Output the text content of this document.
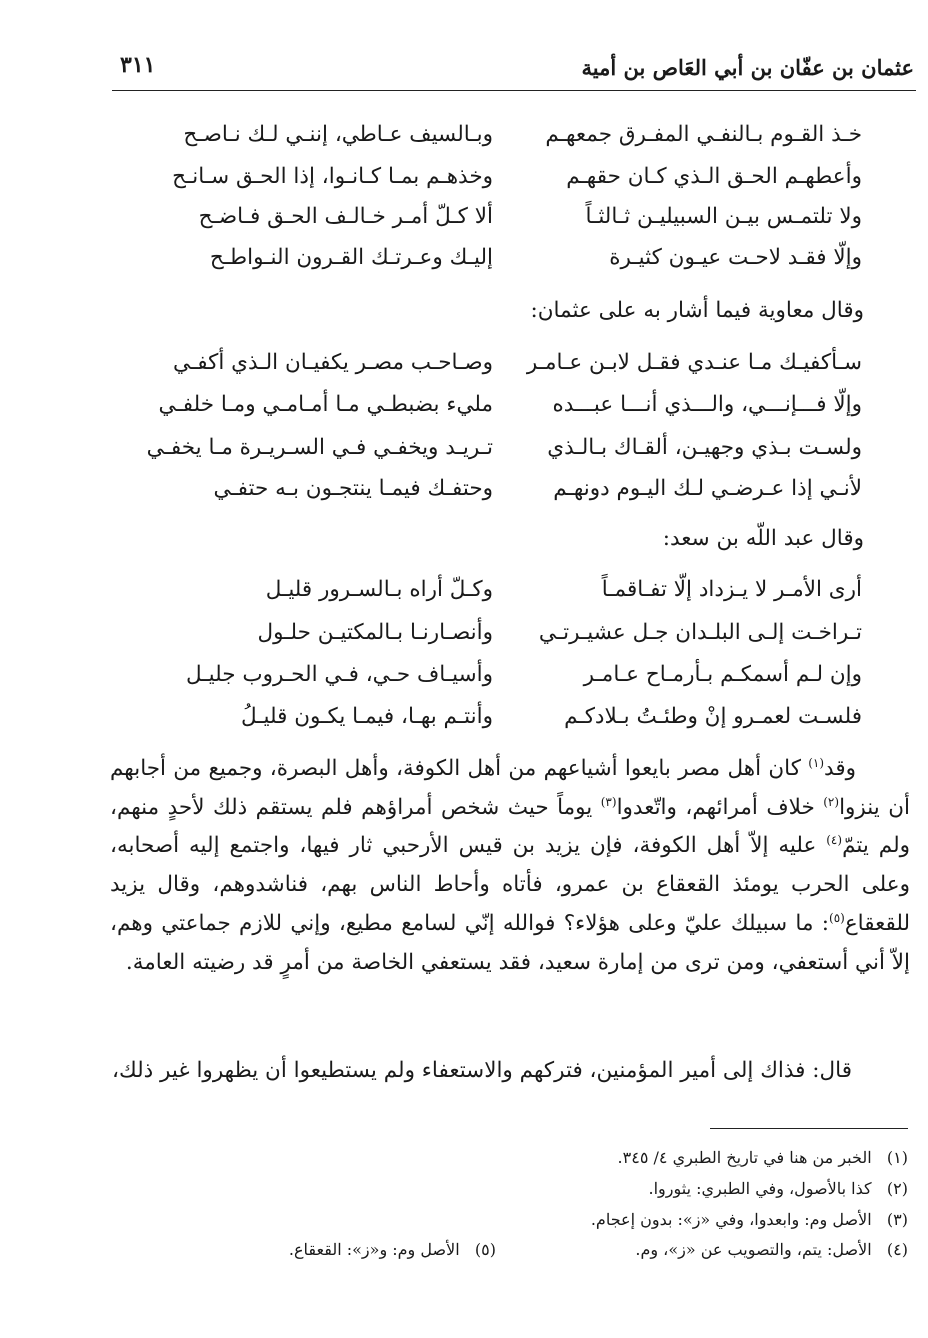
عثمان بن عفّان بن أبي العَاص بن أمية
٣١١
خـذ القـوم بـالنفـي المفـرق جمعهـم
وبـالسيف عـاطي، إننـي لـك نـاصـح
وأعطهـم الحـق الـذي كـان حقهـم
وخذهـم بمـا كـانـوا، إذا الحـق سـانـح
ولا تلتمـس بيـن السبيليـن ثـالثـاً
ألا كـلّ أمـر خـالـف الحـق فـاضـح
وإلّا فقـد لاحـت عيـون كثيـرة
إليـك وعـرتـك القـرون النـواطـح
وقال معاوية فيما أشار به على عثمان:
سـأكفيـك مـا عنـدي فقـل لابـن عـامـر
وصـاحـب مصـر يكفيـان الـذي أكفـي
وإلّا فـــإنـــي، والـــذي أنـــا عبـــده
مليء بضبطـي مـا أمـامـي ومـا خلفـي
ولسـت بـذي وجهيـن، ألقـاك بـالـذي
تـريـد ويخفـي فـي السـريـرة مـا يخفـي
لأنـي إذا عـرضـي لـك اليـوم دونهـم
وحتفـك فيمـا ينتجـون بـه حتفـي
وقال عبد اللّه بن سعد:
أرى الأمـر لا يـزداد إلّا تفـاقمـاً
وكـلّ أراه بـالسـرور قليـل
تـراخـت إلـى البلـدان جـل عشيـرتـي
وأنصـارنـا بـالمكتيـن حلـول
وإن لـم أسمكـم بـأرمـاح عـامـر
وأسيـاف حـي، فـي الحـروب جليـل
فلسـت لعمـرو إنْ وطئـتُ بـلادكـم
وأنتـم بهـا، فيمـا يكـون قليـلُ

وقد$^{(١)}$ كان أهل مصر بايعوا أشياعهم من أهل الكوفة، وأهل البصرة، وجميع من أجابهم أن ينزوا$^{(٢)}$ خلاف أمرائهم، واتّعدوا$^{(٣)}$ يوماً حيث شخص أمراؤهم فلم يستقم ذلك لأحدٍ منهم، ولم يتمّ$^{(٤)}$ عليه إلاّ أهل الكوفة، فإن يزيد بن قيس الأرحبي ثار فيها، واجتمع إليه أصحابه، وعلى الحرب يومئذ القعقاع بن عمرو، فأتاه وأحاط الناس بهم، فناشدوهم، وقال يزيد للقعقاع$^{(٥)}$: ما سبيلك عليّ وعلى هؤلاء؟ فوالله إنّي لسامع مطيع، وإني للازم جماعتي وهم، إلاّ أني أستعفي، ومن ترى من إمارة سعيد، فقد يستعفي الخاصة من أمرٍ قد رضيته العامة.

قال: فذاك إلى أمير المؤمنين، فتركهم والاستعفاء ولم يستطيعوا أن يظهروا غير ذلك،
(١)   الخبر من هنا في تاريخ الطبري ٤/ ٣٤٥.
(٢)   كذا بالأصول، وفي الطبري: يثوروا.
(٣)   الأصل وم: وابعدوا، وفي «ز»: بدون إعجام.
(٤)   الأصل: يتم، والتصويب عن «ز»، وم.
(٥)   الأصل وم: و«ز»: القعقاع.
